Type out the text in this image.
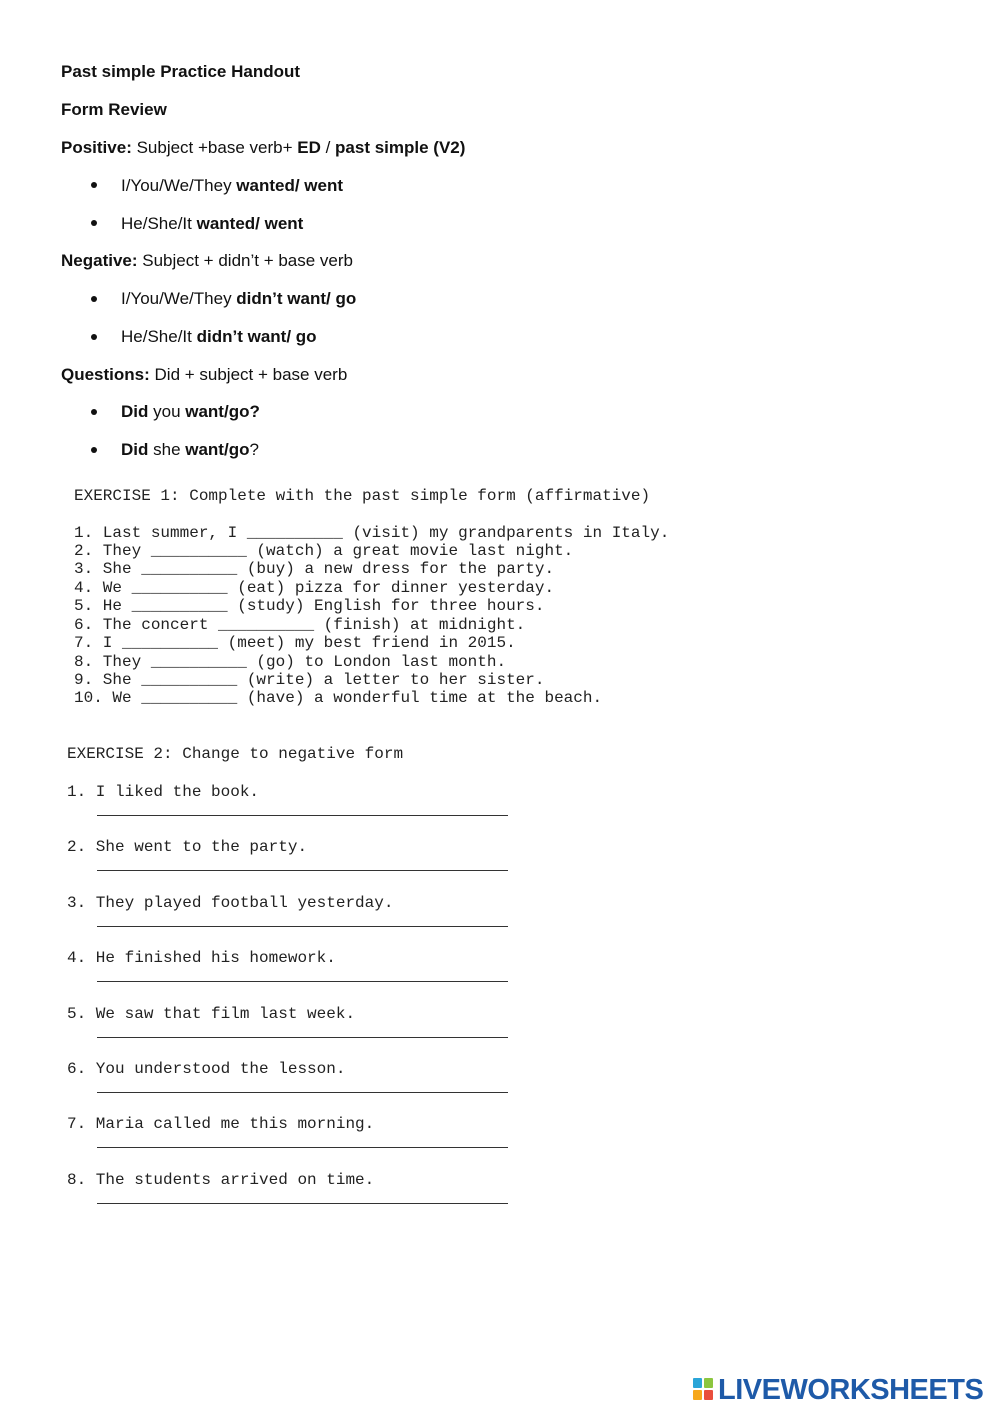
Past simple Practice Handout
Form Review
Positive: Subject +base verb+ ED / past simple (V2)
I/You/We/They wanted/ went
He/She/It wanted/ went
Negative: Subject + didn’t + base verb
I/You/We/They didn’t want/ go
He/She/It didn’t want/ go
Questions: Did + subject + base verb
Did you want/go?
Did she want/go?
EXERCISE 1: Complete with the past simple form (affirmative)
1. Last summer, I __________ (visit) my grandparents in Italy.
2. They __________ (watch) a great movie last night.
3. She __________ (buy) a new dress for the party.
4. We __________ (eat) pizza for dinner yesterday.
5. He __________ (study) English for three hours.
6. The concert __________ (finish) at midnight.
7. I __________ (meet) my best friend in 2015.
8. They __________ (go) to London last month.
9. She __________ (write) a letter to her sister.
10. We __________ (have) a wonderful time at the beach.
EXERCISE 2: Change to negative form
1. I liked the book.
2. She went to the party.
3. They played football yesterday.
4. He finished his homework.
5. We saw that film last week.
6. You understood the lesson.
7. Maria called me this morning.
8. The students arrived on time.
LIVEWORKSHEETS
